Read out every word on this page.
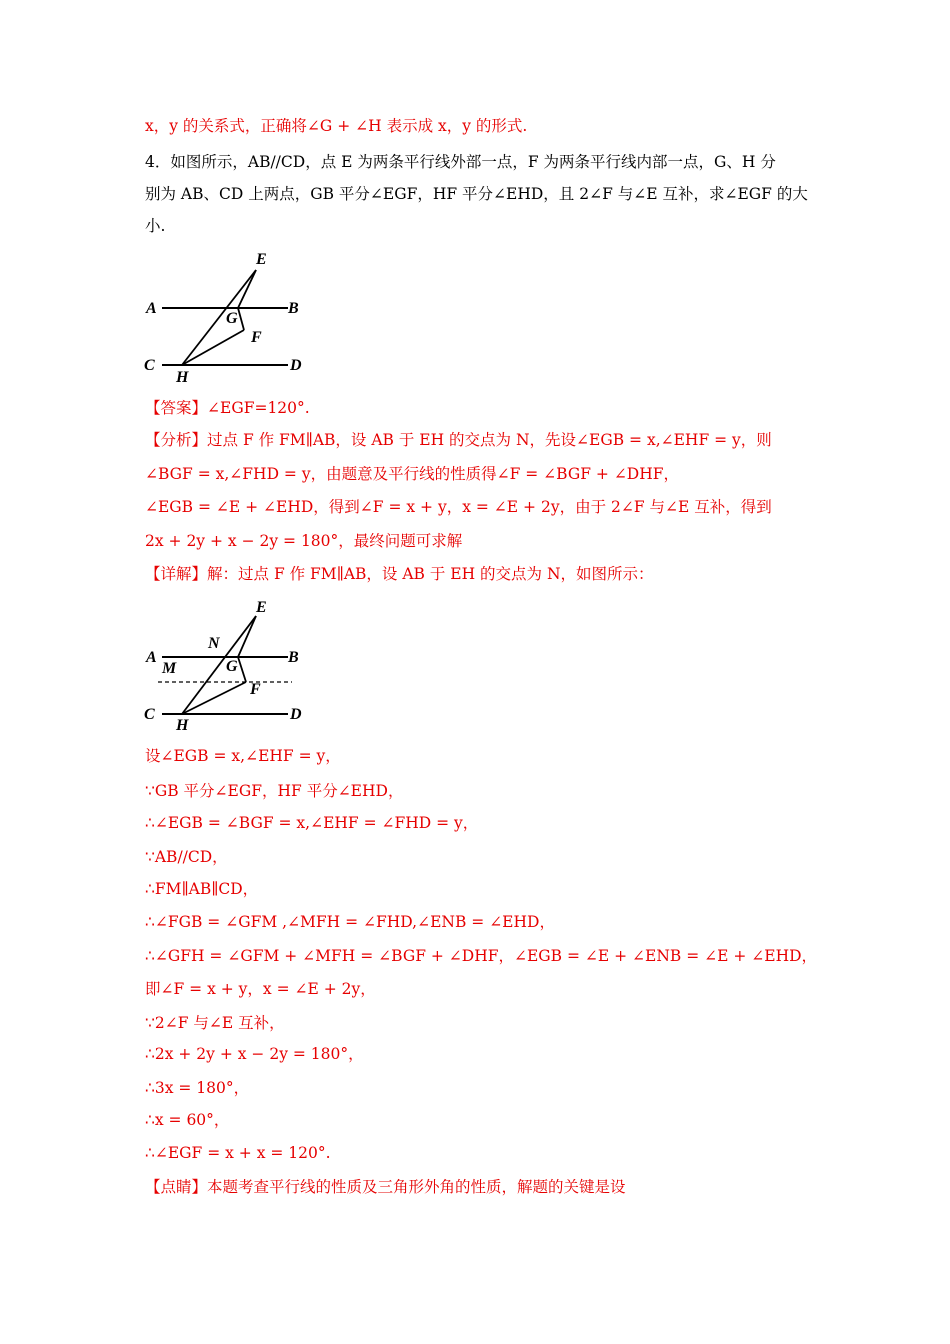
x，y 的关系式，正确将∠G + ∠H 表示成 x，y 的形式.
4．如图所示，AB//CD，点 E 为两条平行线外部一点，F 为两条平行线内部一点，G、H 分
别为 AB、CD 上两点，GB 平分∠EGF，HF 平分∠EHD，且 2∠F 与∠E 互补，求∠EGF 的大
小.
E
A	B
G
F
C	D
H
【答案】∠EGF=120°.
【分析】过点 F 作 FM∥AB，设 AB 于 EH 的交点为 N，先设∠EGB = x,∠EHF = y，则
∠BGF = x,∠FHD = y，由题意及平行线的性质得∠F = ∠BGF + ∠DHF，
∠EGB = ∠E + ∠EHD，得到∠F = x + y，x = ∠E + 2y，由于 2∠F 与∠E 互补，得到
2x + 2y + x − 2y = 180°，最终问题可求解
【详解】解：过点 F 作 FM∥AB，设 AB 于 EH 的交点为 N，如图所示：
E
N
A
M
B
G
F
C	D
H
设∠EGB = x,∠EHF = y，
∵GB 平分∠EGF，HF 平分∠EHD，
∴∠EGB = ∠BGF = x,∠EHF = ∠FHD = y，
∵AB//CD，
∴FM∥AB∥CD，
∴∠FGB = ∠GFM ,∠MFH = ∠FHD,∠ENB = ∠EHD，
∴∠GFH = ∠GFM + ∠MFH = ∠BGF + ∠DHF，∠EGB = ∠E + ∠ENB = ∠E + ∠EHD，
即∠F = x + y，x = ∠E + 2y，
∵2∠F 与∠E 互补，
∴2x + 2y + x − 2y = 180°，
∴3x = 180°，
∴x = 60°，
∴∠EGF = x + x = 120°.
【点睛】本题考查平行线的性质及三角形外角的性质，解题的关键是设
